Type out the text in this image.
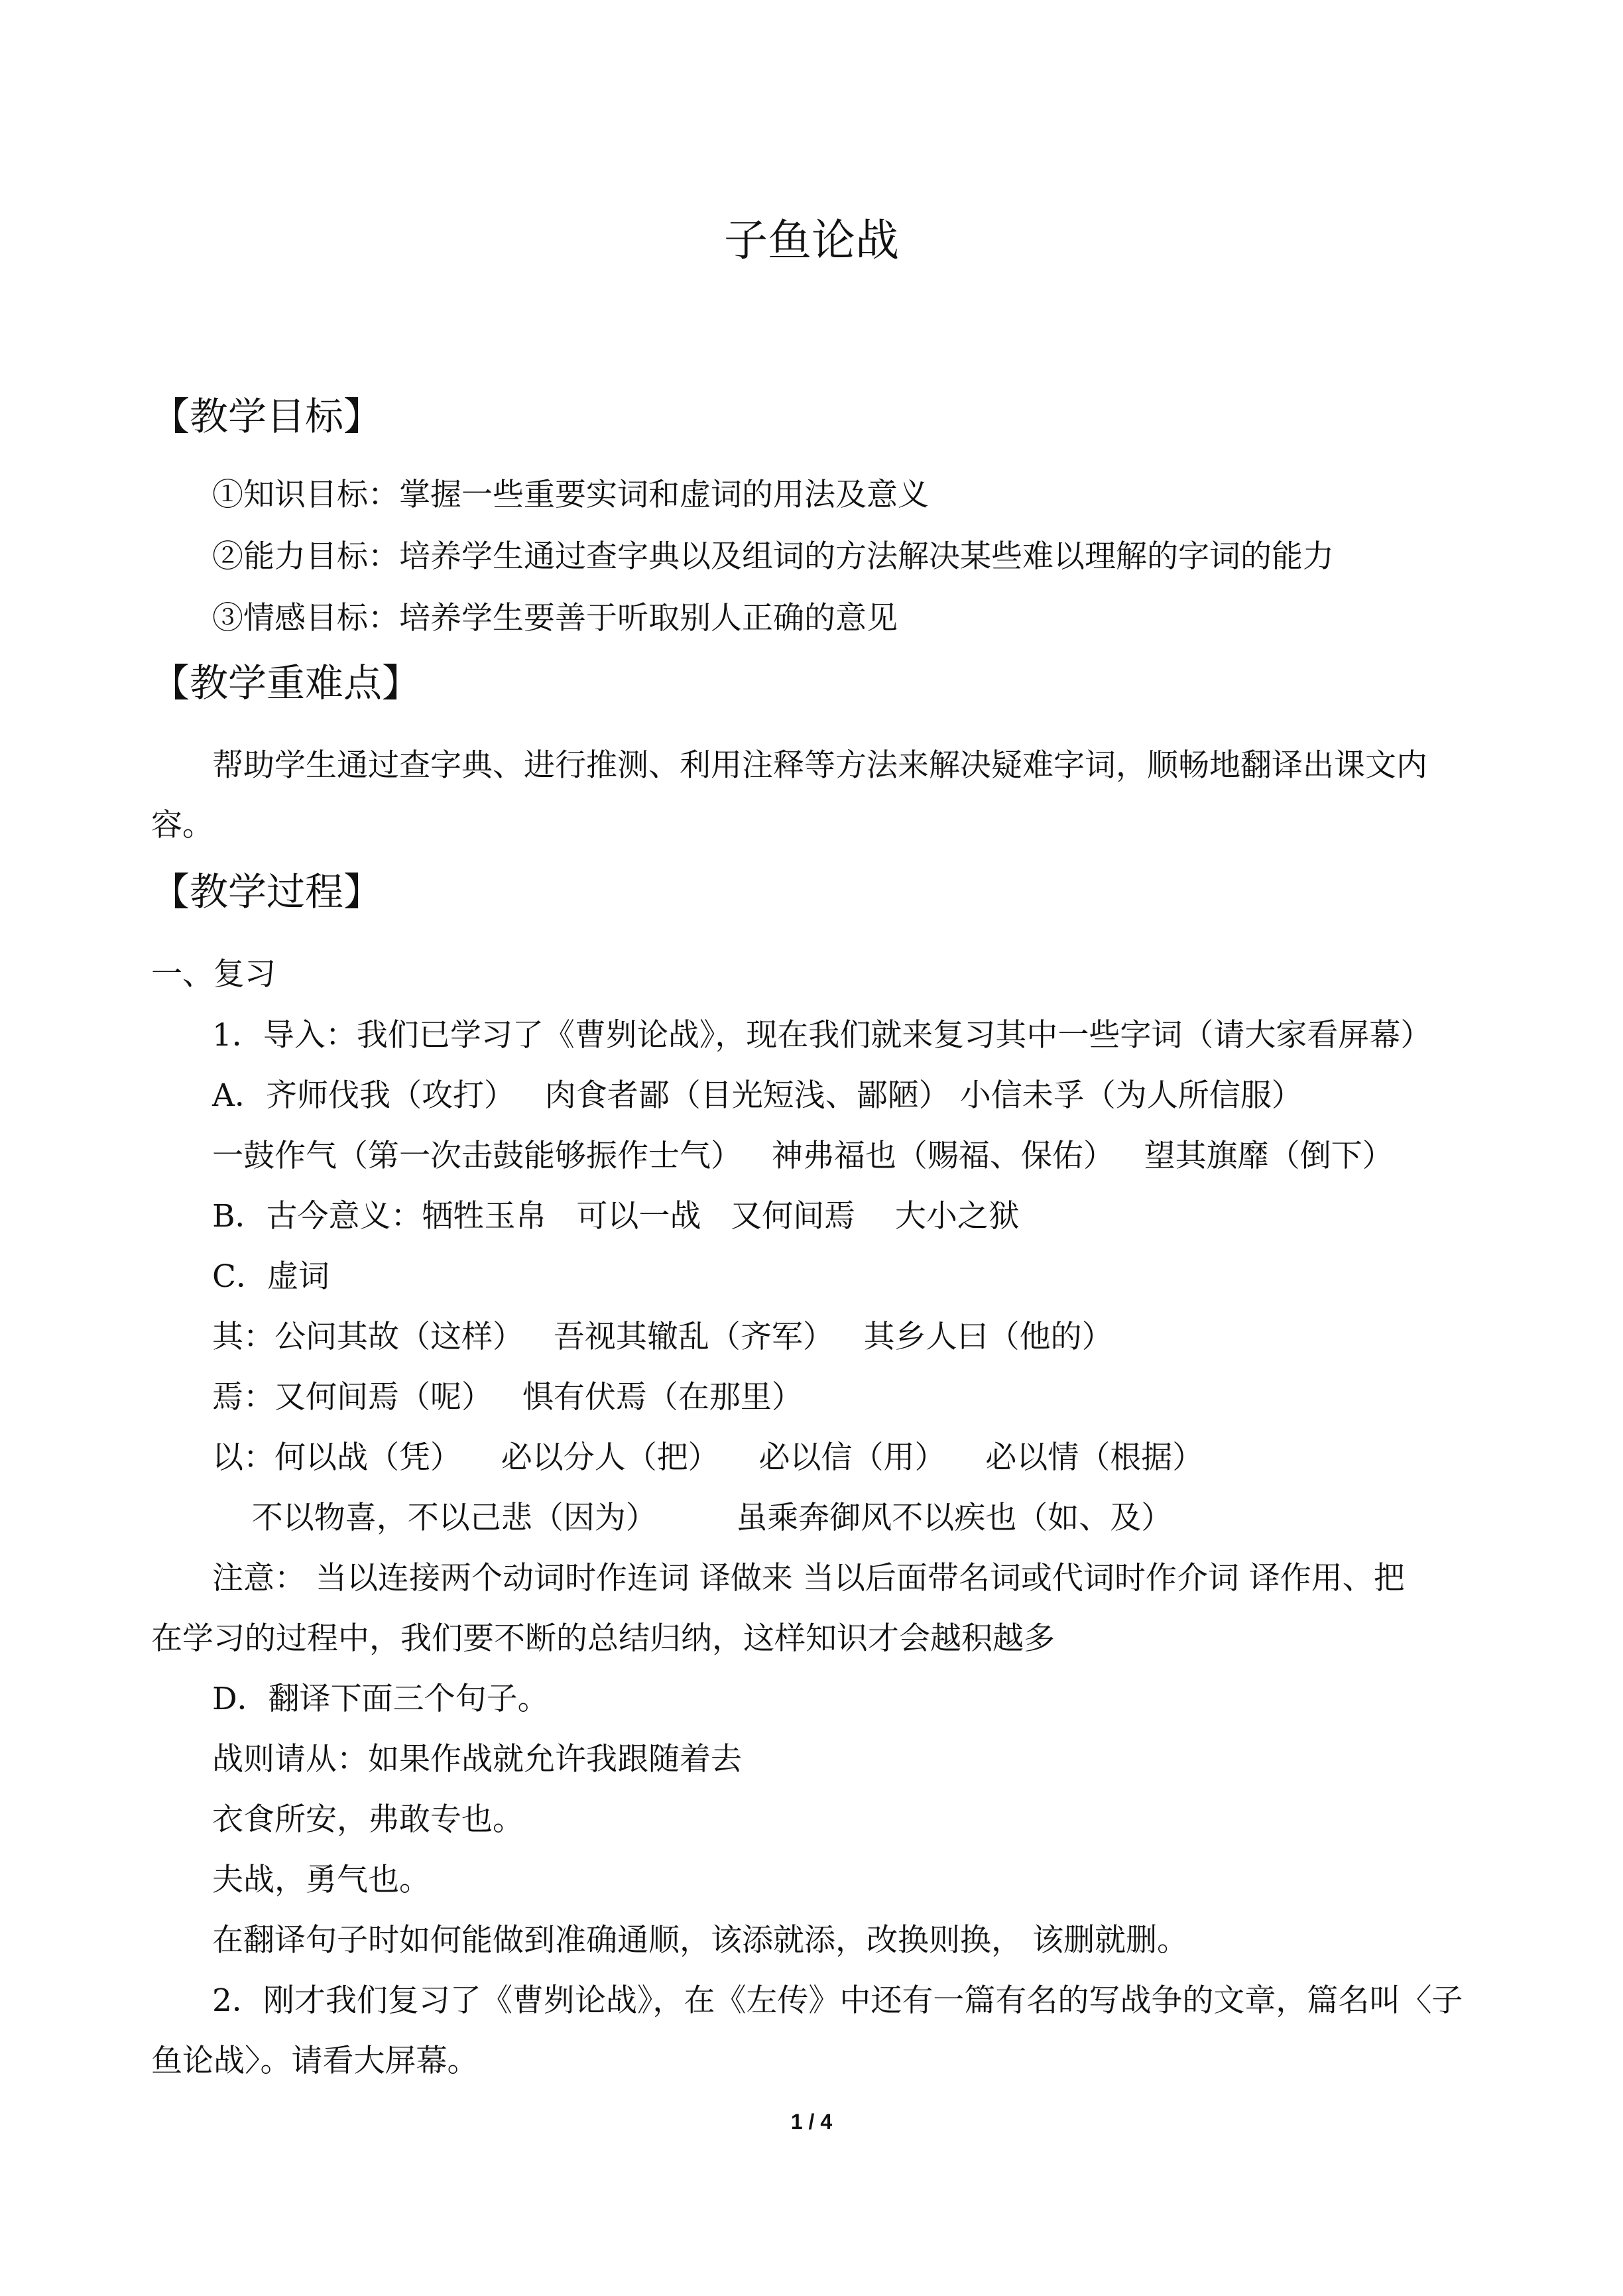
子鱼论战
【教学目标】
①知识目标：掌握一些重要实词和虚词的用法及意义
②能力目标：培养学生通过查字典以及组词的方法解决某些难以理解的字词的能力
③情感目标：培养学生要善于听取别人正确的意见
【教学重难点】
帮助学生通过查字典、进行推测、利用注释等方法来解决疑难字词，顺畅地翻译出课文内
容。
【教学过程】
一、复习
1．导入：我们已学习了《曹刿论战》，现在我们就来复习其中一些字词（请大家看屏幕）
A．齐师伐我（攻打）   肉食者鄙（目光短浅、鄙陋） 小信未孚（为人所信服）
一鼓作气（第一次击鼓能够振作士气）   神弗福也（赐福、保佑）   望其旗靡（倒下）
B．古今意义：牺牲玉帛   可以一战   又何间焉    大小之狱
C．虚词
其：公问其故（这样）   吾视其辙乱（齐军）   其乡人曰（他的）
焉：又何间焉（呢）   惧有伏焉（在那里）
以：何以战（凭）    必以分人（把）    必以信（用）    必以情（根据）
不以物喜，不以己悲（因为）        虽乘奔御风不以疾也（如、及）
注意： 当以连接两个动词时作连词 译做来 当以后面带名词或代词时作介词 译作用、把
在学习的过程中，我们要不断的总结归纳，这样知识才会越积越多
D．翻译下面三个句子。
战则请从：如果作战就允许我跟随着去
衣食所安，弗敢专也。
夫战，勇气也。
在翻译句子时如何能做到准确通顺，该添就添，改换则换， 该删就删。
2．刚才我们复习了《曹刿论战》，在《左传》中还有一篇有名的写战争的文章，篇名叫〈子
鱼论战〉。请看大屏幕。
1 / 4
